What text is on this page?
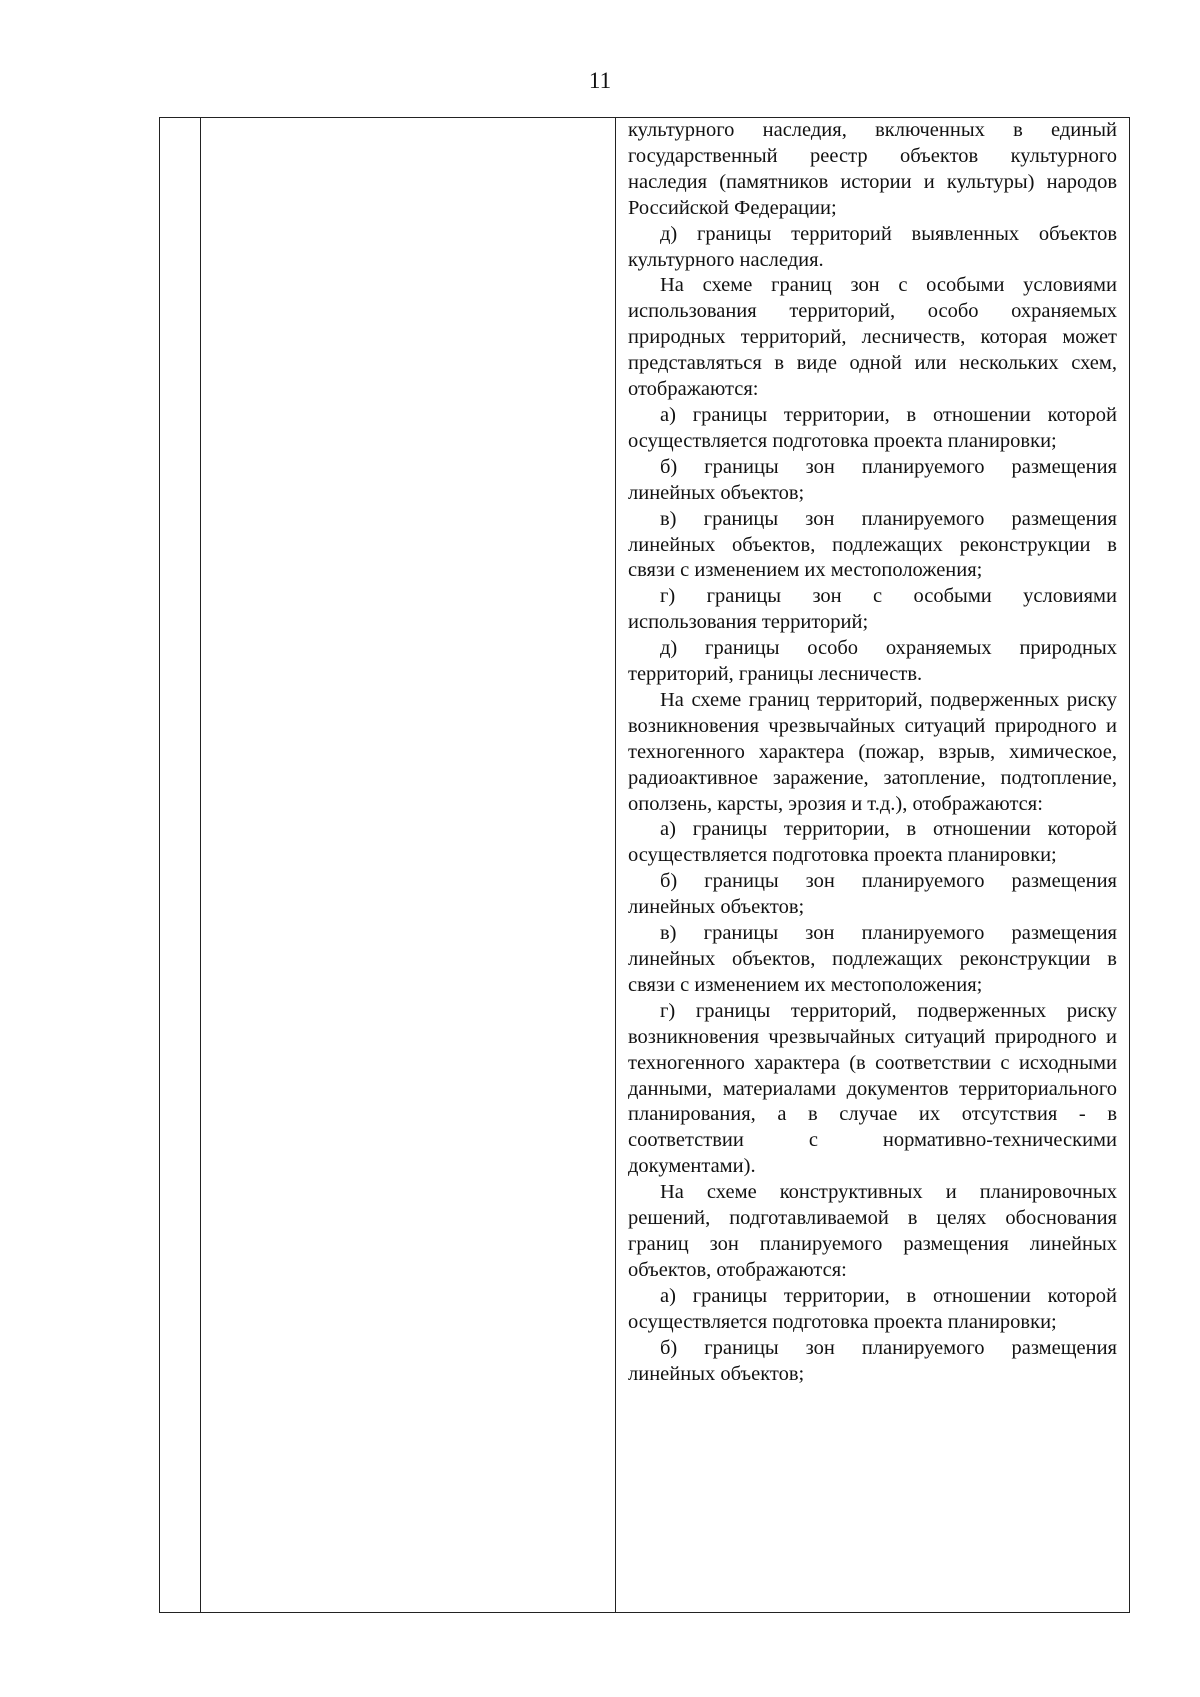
11

культурного наследия, включенных в единый государственный реестр объектов культурного наследия (памятников истории и культуры) народов Российской Федерации;

д) границы территорий выявленных объектов культурного наследия.

На схеме границ зон с особыми условиями использования территорий, особо охраняемых природных территорий, лесничеств, которая может представляться в виде одной или нескольких схем, отображаются:

а) границы территории, в отношении которой осуществляется подготовка проекта планировки;

б) границы зон планируемого размещения линейных объектов;

в) границы зон планируемого размещения линейных объектов, подлежащих реконструкции в связи с изменением их местоположения;

г) границы зон с особыми условиями использования территорий;

д) границы особо охраняемых природных территорий, границы лесничеств.

На схеме границ территорий, подверженных риску возникновения чрезвычайных ситуаций природного и техногенного характера (пожар, взрыв, химическое, радиоактивное заражение, затопление, подтопление, оползень, карсты, эрозия и т.д.), отображаются:

а) границы территории, в отношении которой осуществляется подготовка проекта планировки;

б) границы зон планируемого размещения линейных объектов;

в) границы зон планируемого размещения линейных объектов, подлежащих реконструкции в связи с изменением их местоположения;

г) границы территорий, подверженных риску возникновения чрезвычайных ситуаций природного и техногенного характера (в соответствии с исходными данными, материалами документов территориального планирования, а в случае их отсутствия - в соответствии с нормативно-техническими документами).

На схеме конструктивных и планировочных решений, подготавливаемой в целях обоснования границ зон планируемого размещения линейных объектов, отображаются:

а) границы территории, в отношении которой осуществляется подготовка проекта планировки;

б) границы зон планируемого размещения линейных объектов;
